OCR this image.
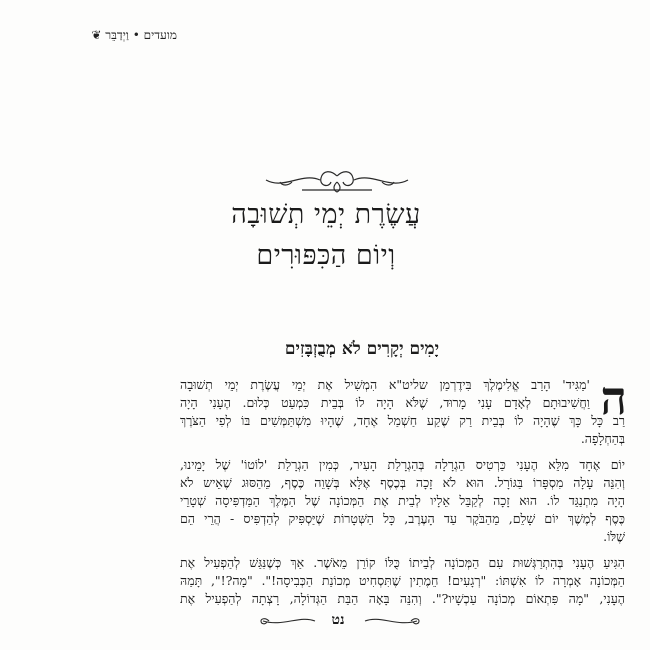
מועדים • וַיְדַבֵּר ❦
עֲשֶׂרֶת יְמֵי תְשׁוּבָה
וְיוֹם הַכִּפּוּרִים
יָמִים יְקָרִים לֹא מְבֻזְבָּזִים
ה
'מַגִּיד' הָרַב אֱלִימֶלֶךְ בִּידֶרְמַן שליט"א הִמְשִׁיל אֶת יְמֵי עֲשֶׂרֶת יְמֵי תְשׁוּבָה
וַחֲשִׁיבוּתָם לְאָדָם עָנִי מָרוּד, שֶׁלֹּא הָיָה לוֹ בְּבֵית כִּמְעַט כְּלוּם. הֶעָנִי הָיָה
רַב כָּל כָּךְ שֶׁהָיָה לוֹ בְּבֵית רַק שֶׁקַע חַשְׁמַל אֶחָד, שֶׁהָיוּ מִשְׁתַּמְּשִׁים בּוֹ לְפִי הַצֹּרֶךְ
בְּהַחְלָפָה.
יוֹם אֶחָד מִלֵּא הֶעָנִי כַּרְטִיס הַגְרָלָה בְּהַגְרָלַת הָעִיר, כְּמִין הַגְרָלַת 'לוֹטוֹ' שֶׁל יָמֵינוּ,
וְהִנֵּה עָלָה מִסְפָּרוֹ בַּגּוֹרָל. הוּא לֹא זָכָה בְּכֶסֶף אֶלָּא בְּשָׁוֵה כֶּסֶף, מֵהַסּוּג שֶׁאֵיש לֹא
הָיָה מִתְנַגֵּד לוֹ. הוּא זָכָה לְקַבֵּל אֵלָיו לְבֵית אֶת הַמְּכוֹנָה שֶׁל הַמֶּלֶךְ הַמַּדְפִּיסָה שְׁטָרֵי
כֶּסֶף לְמֶשֶׁךְ יוֹם שָׁלֵם, מֵהַבֹּקֶר עַד הָעֶרֶב, כָּל הַשְּׁטָרוֹת שֶׁיַּסְפִּיק לְהַדְפִּיס - הֲרֵי הֵם
שֶׁלּוֹ.
הִגִּיעַ הֶעָנִי בְּהִתְרַגְּשׁוּת עִם הַמְּכוֹנָה לְבֵיתוֹ כֻּלּוֹ קוֹרֵן מֵאֹשֶׁר. אַךְ כְּשֶׁנִּגַּשׁ לְהַפְעִיל אֶת
הַמְּכוֹנָה אָמְרָה לוֹ אִשְׁתּוֹ: "רְגָעִים! חֵמֶתִין שֶׁתִּסְחִיט מְכוֹנַת הַכְּבִיסָה!". "מָה?!", תָּמַהּ
הֶעָנִי, "מָה פִּתְאוֹם מְכוֹנָה עַכְשָׁיו?". וְהִנֵּה בָּאָה הַבַּת הַגְּדוֹלָה, רָצְתָה לְהַפְעִיל אֶת
נט
